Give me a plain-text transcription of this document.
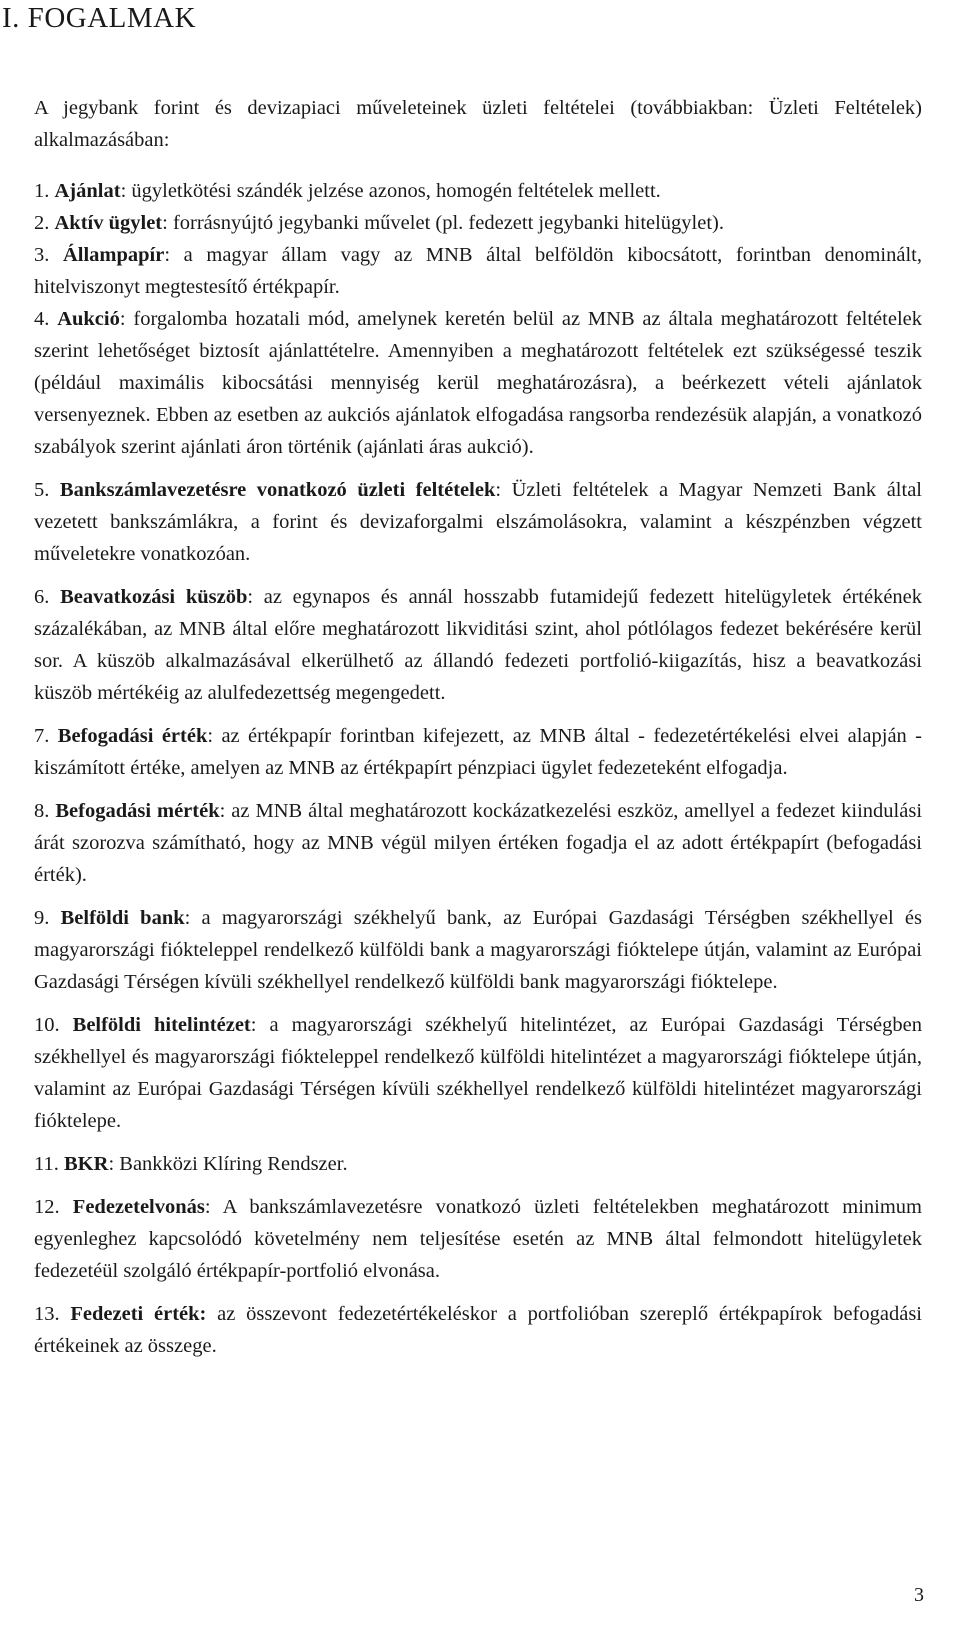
I. FOGALMAK

A jegybank forint és devizapiaci műveleteinek üzleti feltételei (továbbiakban: Üzleti Feltételek) alkalmazásában:

1. Ajánlat: ügyletkötési szándék jelzése azonos, homogén feltételek mellett.
2. Aktív ügylet: forrásnyújtó jegybanki művelet (pl. fedezett jegybanki hitelügylet).
3. Állampapír: a magyar állam vagy az MNB által belföldön kibocsátott, forintban denominált, hitelviszonyt megtestesítő értékpapír.
4. Aukció: forgalomba hozatali mód, amelynek keretén belül az MNB az általa meghatározott feltételek szerint lehetőséget biztosít ajánlattételre. Amennyiben a meghatározott feltételek ezt szükségessé teszik (például maximális kibocsátási mennyiség kerül meghatározásra), a beérkezett vételi ajánlatok versenyeznek. Ebben az esetben az aukciós ajánlatok elfogadása rangsorba rendezésük alapján, a vonatkozó szabályok szerint ajánlati áron történik (ajánlati áras aukció).
5. Bankszámlavezetésre vonatkozó üzleti feltételek: Üzleti feltételek a Magyar Nemzeti Bank által vezetett bankszámlákra, a forint és devizaforgalmi elszámolásokra, valamint a készpénzben végzett műveletekre vonatkozóan.
6. Beavatkozási küszöb: az egynapos és annál hosszabb futamidejű fedezett hitelügyletek értékének százalékában, az MNB által előre meghatározott likviditási szint, ahol pótlólagos fedezet bekérésére kerül sor. A küszöb alkalmazásával elkerülhető az állandó fedezeti portfolió-kiigazítás, hisz a beavatkozási küszöb mértékéig az alulfedezettség megengedett.
7. Befogadási érték: az értékpapír forintban kifejezett, az MNB által - fedezetértékelési elvei alapján - kiszámított értéke, amelyen az MNB az értékpapírt pénzpiaci ügylet fedezeteként elfogadja.
8. Befogadási mérték: az MNB által meghatározott kockázatkezelési eszköz, amellyel a fedezet kiindulási árát szorozva számítható, hogy az MNB végül milyen értéken fogadja el az adott értékpapírt (befogadási érték).
9. Belföldi bank: a magyarországi székhelyű bank, az Európai Gazdasági Térségben székhellyel és magyarországi fiókteleppel rendelkező külföldi bank a magyarországi fióktelepe útján, valamint az Európai Gazdasági Térségen kívüli székhellyel rendelkező külföldi bank magyarországi fióktelepe.
10. Belföldi hitelintézet: a magyarországi székhelyű hitelintézet, az Európai Gazdasági Térségben székhellyel és magyarországi fiókteleppel rendelkező külföldi hitelintézet a magyarországi fióktelepe útján, valamint az Európai Gazdasági Térségen kívüli székhellyel rendelkező külföldi hitelintézet magyarországi fióktelepe.
11. BKR: Bankközi Klíring Rendszer.
12. Fedezetelvonás: A bankszámlavezetésre vonatkozó üzleti feltételekben meghatározott minimum egyenleghez kapcsolódó követelmény nem teljesítése esetén az MNB által felmondott hitelügyletek fedezetéül szolgáló értékpapír-portfolió elvonása.
13. Fedezeti érték: az összevont fedezetértékeléskor a portfolióban szereplő értékpapírok befogadási értékeinek az összege.

3
